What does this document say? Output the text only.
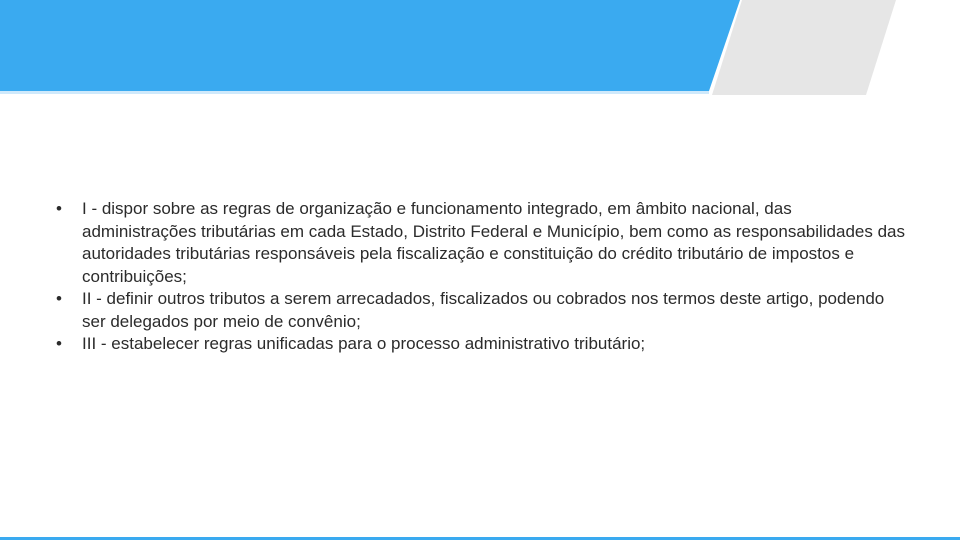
•	I - dispor sobre as regras de organização e funcionamento integrado, em âmbito nacional, das administrações tributárias em cada Estado, Distrito Federal e Município, bem como as responsabilidades das autoridades tributárias responsáveis pela fiscalização e constituição do crédito tributário de impostos e contribuições;
•	II - definir outros tributos a serem arrecadados, fiscalizados ou cobrados nos termos deste artigo, podendo ser delegados por meio de convênio;
•	III - estabelecer regras unificadas para o processo administrativo tributário;
